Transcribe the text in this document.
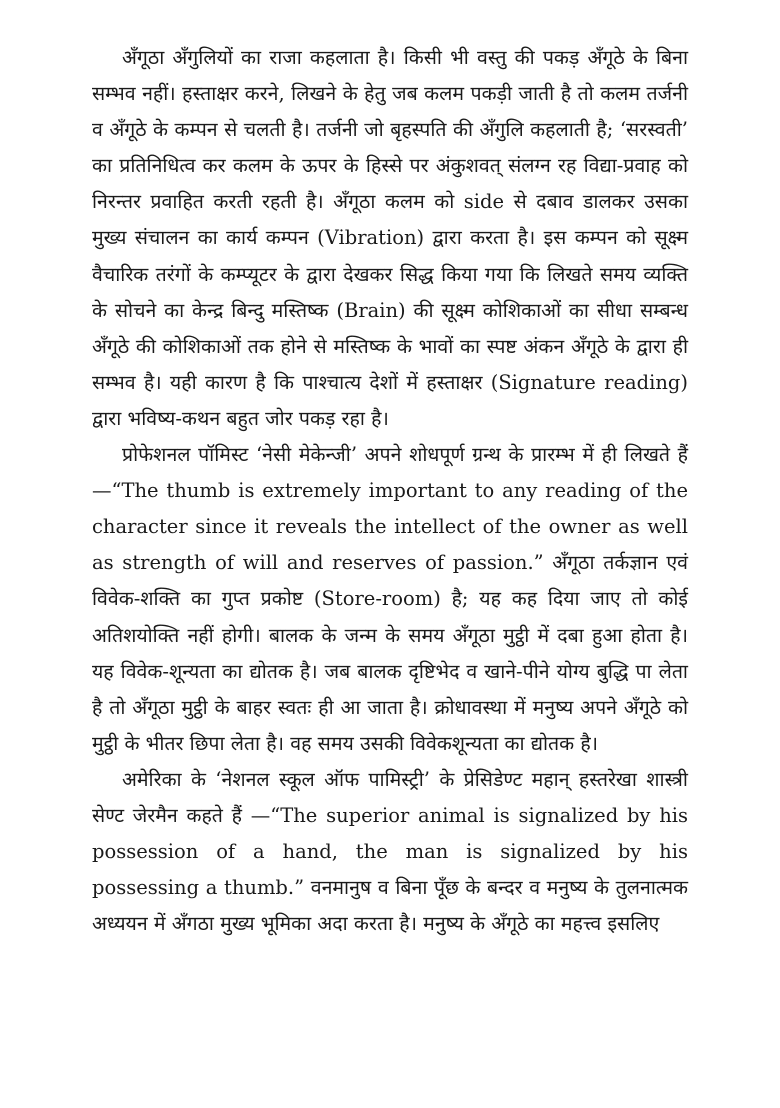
अँगूठा अँगुलियों का राजा कहलाता है। किसी भी वस्तु की पकड़ अँगूठे के बिना सम्भव नहीं। हस्ताक्षर करने, लिखने के हेतु जब कलम पकड़ी जाती है तो कलम तर्जनी व अँगूठे के कम्पन से चलती है। तर्जनी जो बृहस्पति की अँगुलि कहलाती है; ‘सरस्वती’ का प्रतिनिधित्व कर कलम के ऊपर के हिस्से पर अंकुशवत् संलग्न रह विद्या-प्रवाह को निरन्तर प्रवाहित करती रहती है। अँगूठा कलम को side से दबाव डालकर उसका मुख्य संचालन का कार्य कम्पन (Vibration) द्वारा करता है। इस कम्पन को सूक्ष्म वैचारिक तरंगों के कम्प्यूटर के द्वारा देखकर सिद्ध किया गया कि लिखते समय व्यक्ति के सोचने का केन्द्र बिन्दु मस्तिष्क (Brain) की सूक्ष्म कोशिकाओं का सीधा सम्बन्ध अँगूठे की कोशिकाओं तक होने से मस्तिष्क के भावों का स्पष्ट अंकन अँगूठे के द्वारा ही सम्भव है। यही कारण है कि पाश्चात्य देशों में हस्ताक्षर (Signature reading) द्वारा भविष्य-कथन बहुत जोर पकड़ रहा है।

प्रोफेशनल पॉमिस्ट ‘नेसी मेकेन्जी’ अपने शोधपूर्ण ग्रन्थ के प्रारम्भ में ही लिखते हैं —“The thumb is extremely important to any reading of the character since it reveals the intellect of the owner as well as strength of will and reserves of passion.” अँगूठा तर्कज्ञान एवं विवेक-शक्ति का गुप्त प्रकोष्ट (Store-room) है; यह कह दिया जाए तो कोई अतिशयोक्ति नहीं होगी। बालक के जन्म के समय अँगूठा मुट्ठी में दबा हुआ होता है। यह विवेक-शून्यता का द्योतक है। जब बालक दृष्टिभेद व खाने-पीने योग्य बुद्धि पा लेता है तो अँगूठा मुट्ठी के बाहर स्वतः ही आ जाता है। क्रोधावस्था में मनुष्य अपने अँगूठे को मुट्ठी के भीतर छिपा लेता है। वह समय उसकी विवेकशून्यता का द्योतक है।

अमेरिका के ‘नेशनल स्कूल ऑफ पामिस्ट्री’ के प्रेसिडेण्ट महान् हस्तरेखा शास्त्री सेण्ट जेरमैन कहते हैं —“The superior animal is signalized by his possession of a hand, the man is signalized by his possessing a thumb.” वनमानुष व बिना पूँछ के बन्दर व मनुष्य के तुलनात्मक अध्ययन में अँगठा मुख्य भूमिका अदा करता है। मनुष्य के अँगूठे का महत्त्व इसलिए
